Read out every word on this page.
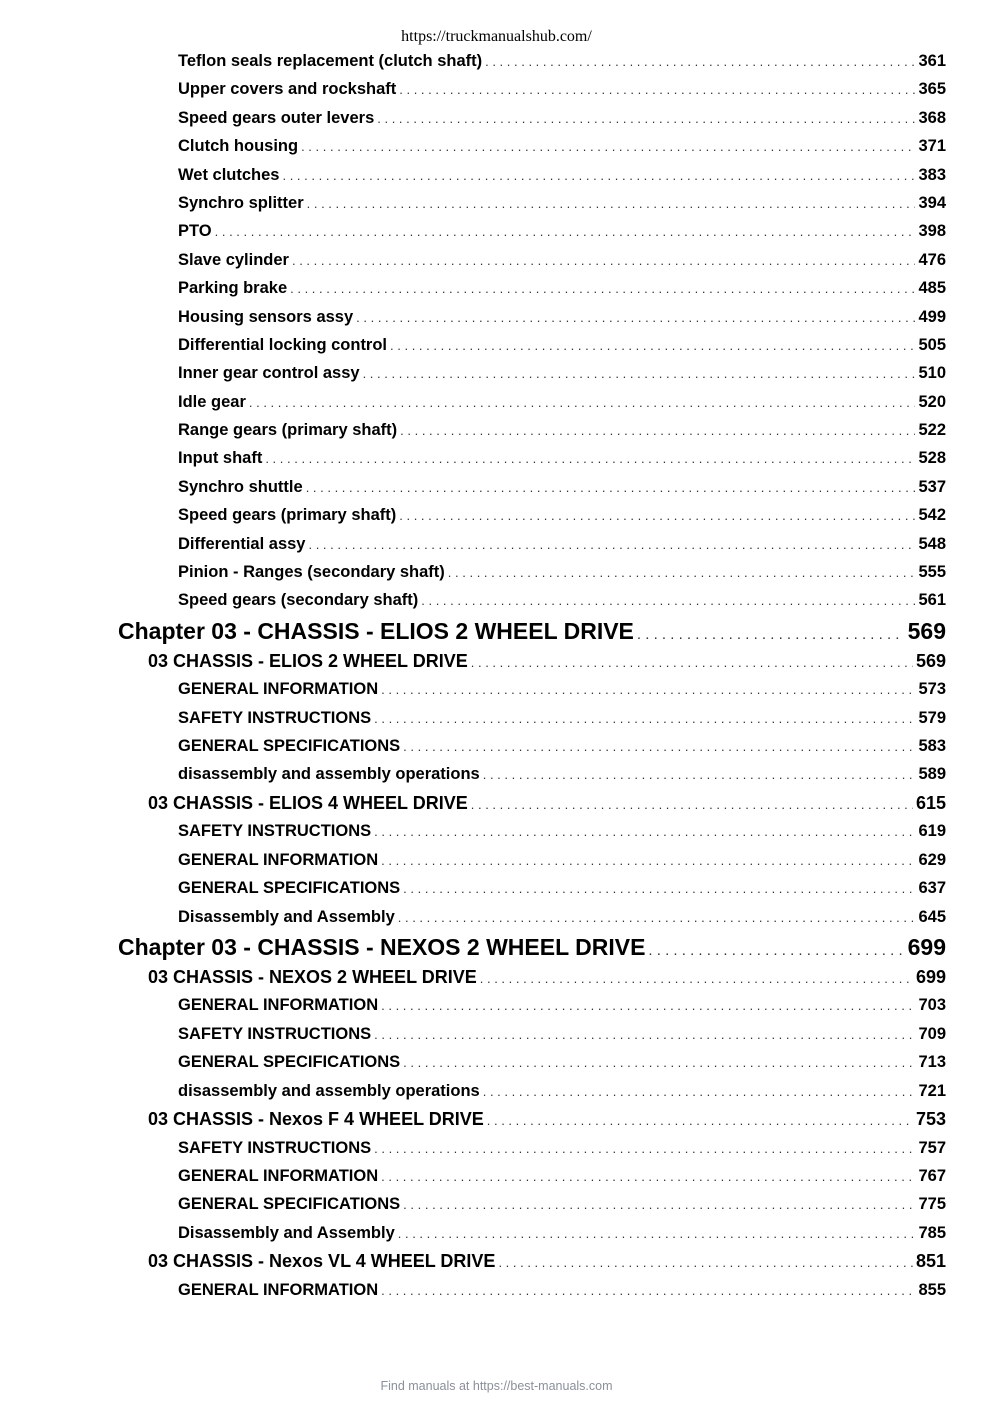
https://truckmanualshub.com/
Teflon seals replacement (clutch shaft) . . .	361
Upper covers and rockshaft . . .	365
Speed gears outer levers . . .	368
Clutch housing . . .	371
Wet clutches . . .	383
Synchro splitter . . .	394
PTO . . .	398
Slave cylinder . . .	476
Parking brake . . .	485
Housing sensors assy . . .	499
Differential locking control . . .	505
Inner gear control assy . . .	510
Idle gear . . .	520
Range gears (primary shaft) . . .	522
Input shaft . . .	528
Synchro shuttle . . .	537
Speed gears (primary shaft) . . .	542
Differential assy . . .	548
Pinion - Ranges (secondary shaft) . . .	555
Speed gears (secondary shaft) . . .	561
Chapter 03 - CHASSIS - ELIOS 2 WHEEL DRIVE . . .	569
03 CHASSIS - ELIOS 2 WHEEL DRIVE . . .	569
GENERAL INFORMATION . . .	573
SAFETY INSTRUCTIONS . . .	579
GENERAL SPECIFICATIONS . . .	583
disassembly and assembly operations . . .	589
03 CHASSIS - ELIOS 4 WHEEL DRIVE . . .	615
SAFETY INSTRUCTIONS . . .	619
GENERAL INFORMATION . . .	629
GENERAL SPECIFICATIONS . . .	637
Disassembly and Assembly . . .	645
Chapter 03 - CHASSIS - NEXOS 2 WHEEL DRIVE . . .	699
03 CHASSIS - NEXOS 2 WHEEL DRIVE . . .	699
GENERAL INFORMATION . . .	703
SAFETY INSTRUCTIONS . . .	709
GENERAL SPECIFICATIONS . . .	713
disassembly and assembly operations . . .	721
03 CHASSIS - Nexos F 4 WHEEL DRIVE . . .	753
SAFETY INSTRUCTIONS . . .	757
GENERAL INFORMATION . . .	767
GENERAL SPECIFICATIONS . . .	775
Disassembly and Assembly . . .	785
03 CHASSIS - Nexos VL 4 WHEEL DRIVE . . .	851
GENERAL INFORMATION . . .	855
Find manuals at https://best-manuals.com
